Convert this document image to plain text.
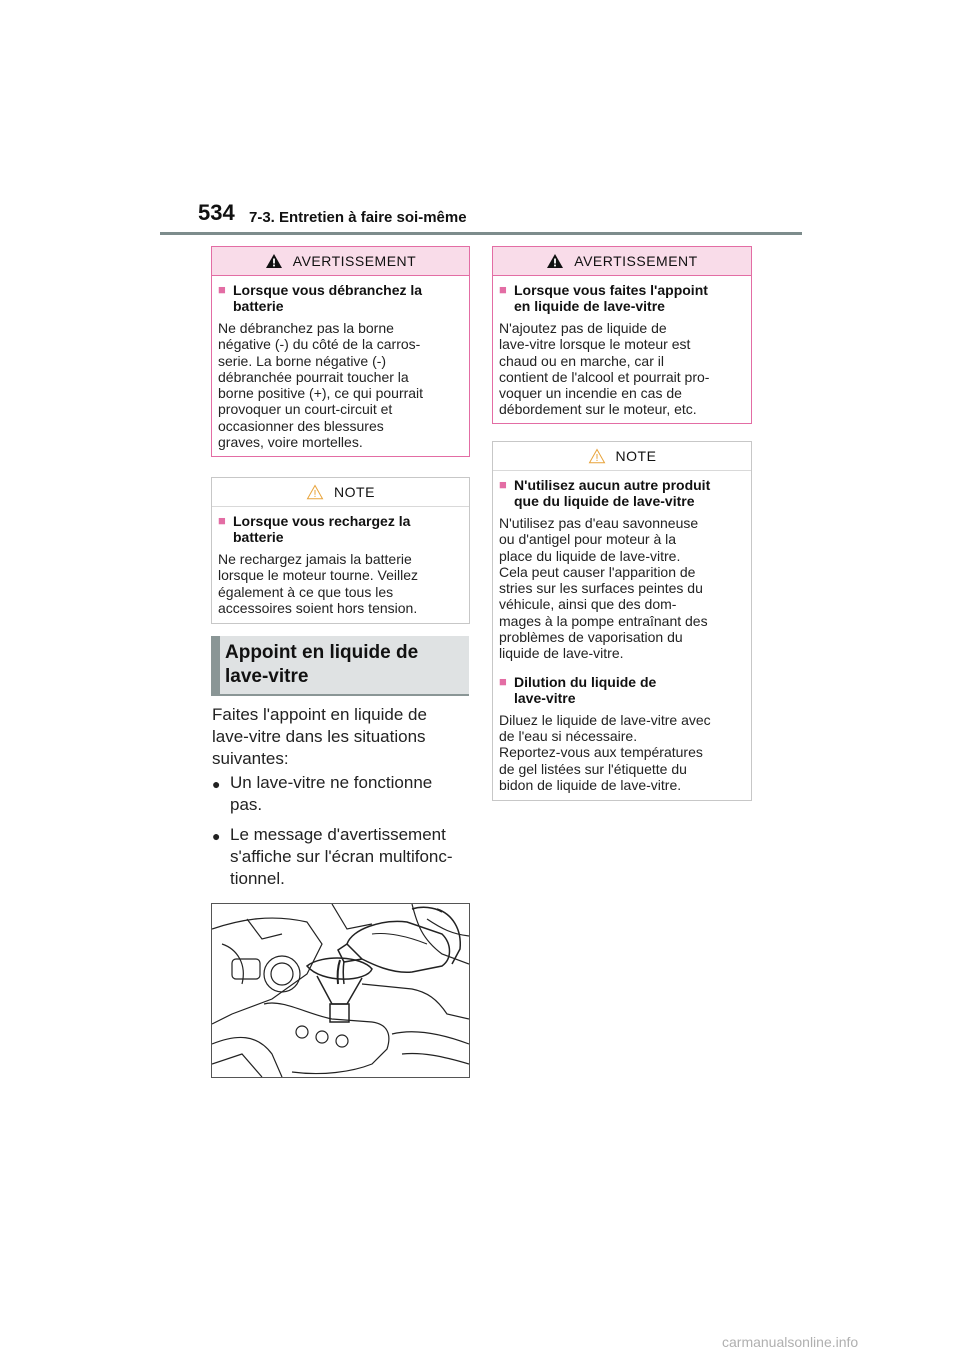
534 7-3. Entretien à faire soi-même
AVERTISSEMENT
■ Lorsque vous débranchez la
batterie
Ne débranchez pas la borne
négative (-) du côté de la carros-
serie. La borne négative (-)
débranchée pourrait toucher la
borne positive (+), ce qui pourrait
provoquer un court-circuit et
occasionner des blessures
graves, voire mortelles.
NOTE
■ Lorsque vous rechargez la
batterie
Ne rechargez jamais la batterie
lorsque le moteur tourne. Veillez
également à ce que tous les
accessoires soient hors tension.
Appoint en liquide de
lave-vitre
Faites l'appoint en liquide de
lave-vitre dans les situations
suivantes:
● Un lave-vitre ne fonctionne
pas.
● Le message d'avertissement
s'affiche sur l'écran multifonc-
tionnel.
AVERTISSEMENT
■ Lorsque vous faites l'appoint
en liquide de lave-vitre
N'ajoutez pas de liquide de
lave-vitre lorsque le moteur est
chaud ou en marche, car il
contient de l'alcool et pourrait pro-
voquer un incendie en cas de
débordement sur le moteur, etc.
NOTE
■ N'utilisez aucun autre produit
que du liquide de lave-vitre
N'utilisez pas d'eau savonneuse
ou d'antigel pour moteur à la
place du liquide de lave-vitre.
Cela peut causer l'apparition de
stries sur les surfaces peintes du
véhicule, ainsi que des dom-
mages à la pompe entraînant des
problèmes de vaporisation du
liquide de lave-vitre.
■ Dilution du liquide de
lave-vitre
Diluez le liquide de lave-vitre avec
de l'eau si nécessaire.
Reportez-vous aux températures
de gel listées sur l'étiquette du
bidon de liquide de lave-vitre.
carmanualsonline.info
